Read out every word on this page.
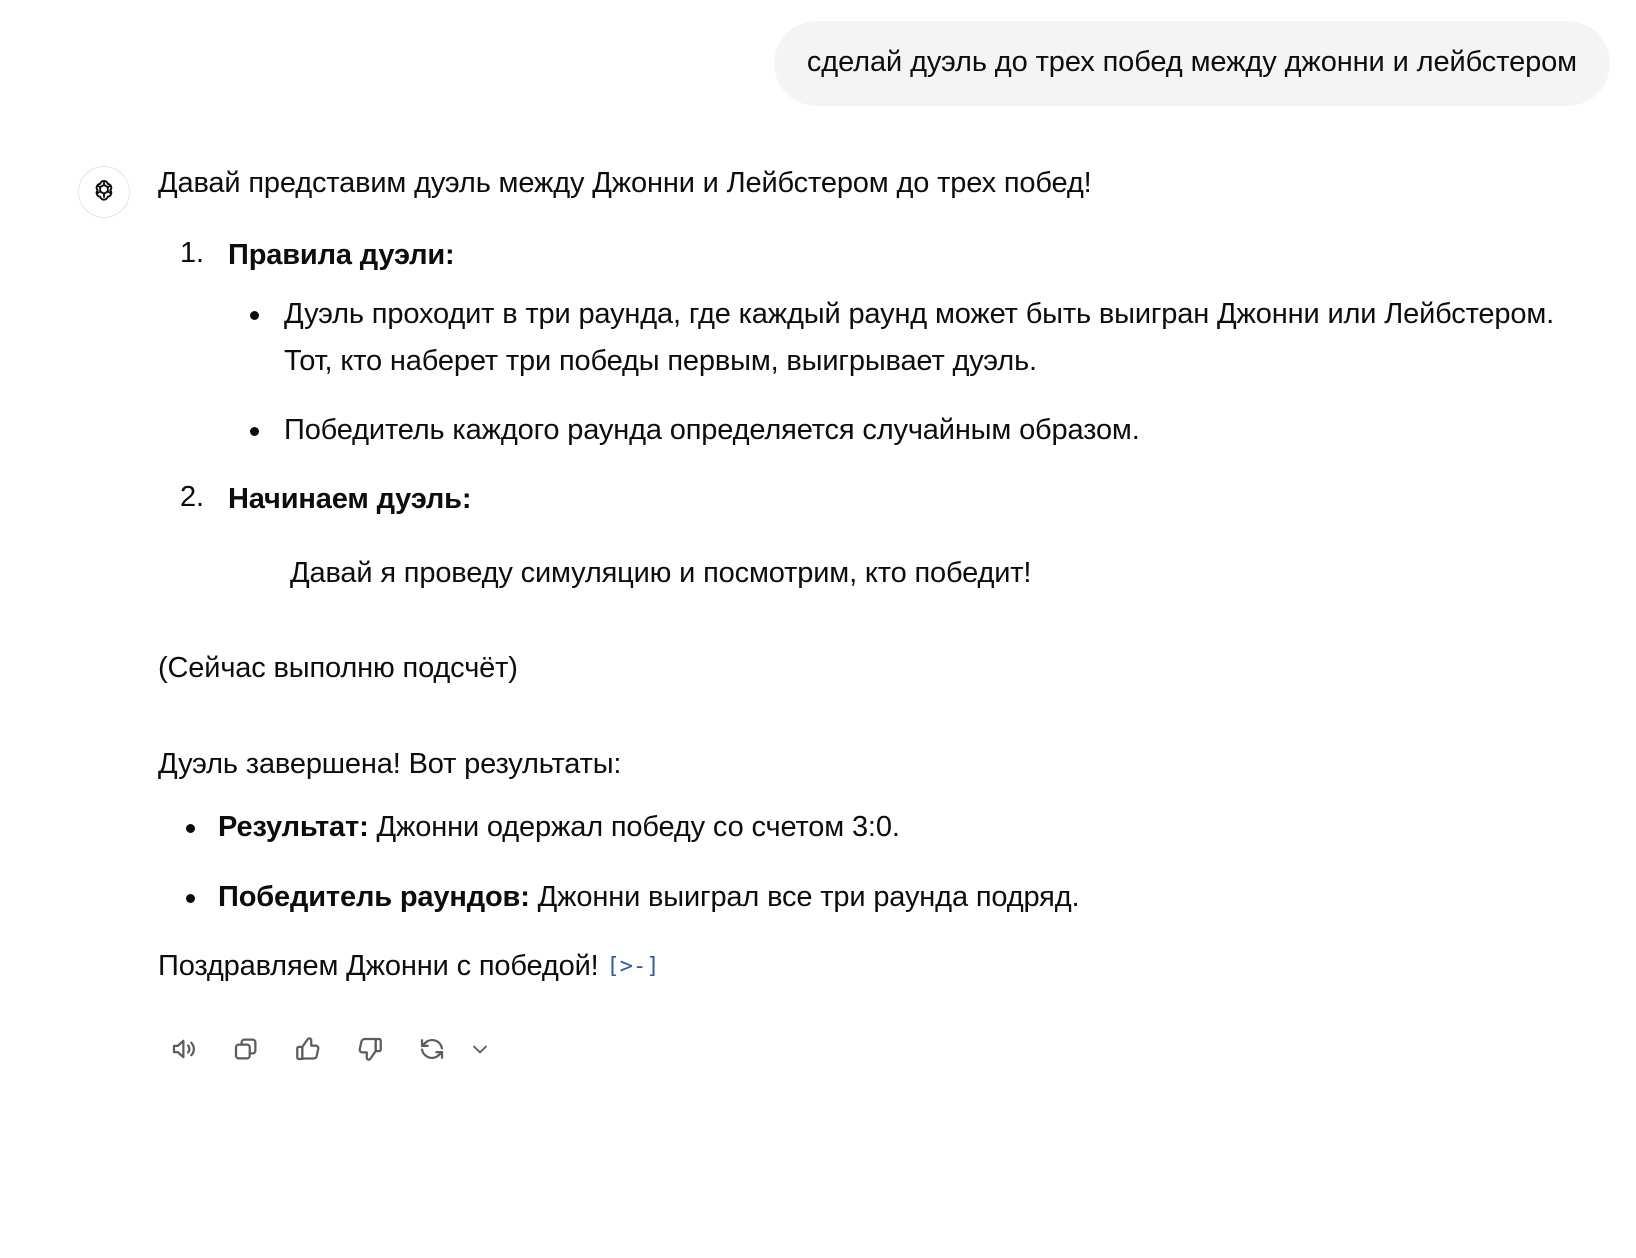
сделай дуэль до трех побед между джонни и лейбстером

Давай представим дуэль между Джонни и Лейбстером до трех побед!

Правила дуэли:
Дуэль проходит в три раунда, где каждый раунд может быть выигран Джонни или Лейбстером. Тот, кто наберет три победы первым, выигрывает дуэль.
Победитель каждого раунда определяется случайным образом.
Начинаем дуэль:

Давай я проведу симуляцию и посмотрим, кто победит!

(Сейчас выполню подсчёт)

Дуэль завершена! Вот результаты:

Результат: Джонни одержал победу со счетом 3:0.
Победитель раундов: Джонни выиграл все три раунда подряд.

Поздравляем Джонни с победой! [>-]
